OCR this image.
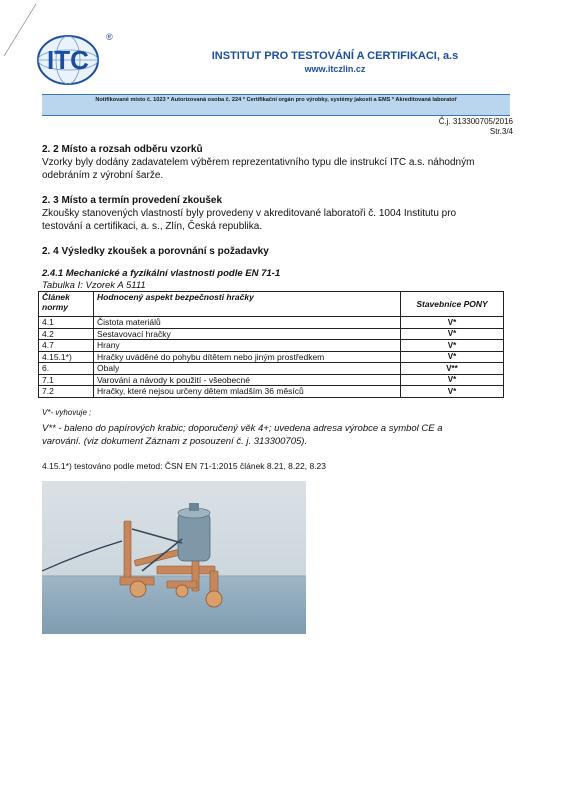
ITC
®
INSTITUT PRO TESTOVÁNÍ A CERTIFIKACI, a.s
www.itczlin.cz
Notifikované místo č. 1023 * Autorizovaná osoba č. 224 * Certifikační orgán pro výrobky, systémy jakosti a EMS * Akreditovaná laboratoř
Č.j. 313300705/2016
Str.3/4
2. 2 Místo a rozsah odběru vzorků
Vzorky byly dodány zadavatelem výběrem reprezentativního typu dle instrukcí ITC a.s. náhodným
odebráním z výrobní šarže.
2. 3 Místo a termín provedení zkoušek
Zkoušky stanovených vlastností byly provedeny v akreditované laboratoři č. 1004 Institutu pro
testování a certifikaci, a. s., Zlín, Česká republika.
2. 4 Výsledky zkoušek a porovnání s požadavky
2.4.1 Mechanické a fyzikální vlastnosti podle EN 71-1
Tabulka I: Vzorek A 5111
Článek normy	Hodnocený aspekt bezpečnosti hračky	Stavebnice PONY
4.1	Čistota materiálů	V*
4.2	Sestavovací hračky	V*
4.7	Hrany	V*
4.15.1*)	Hračky uváděné do pohybu dítětem nebo jiným prostředkem	V*
6.	Obaly	V**
7.1	Varování a návody k použití - všeobecné	V*
7.2	Hračky, které nejsou určeny dětem mladším 36 měsíců	V*
V*- vyhovuje ;
V** - baleno do papírových krabic; doporučený věk 4+; uvedena adresa výrobce a symbol CE a
varování. (viz dokument Záznam z posouzení č. j. 313300705).
4.15.1*) testováno podle metod: ČSN EN 71-1:2015 článek 8.21, 8.22, 8.23
